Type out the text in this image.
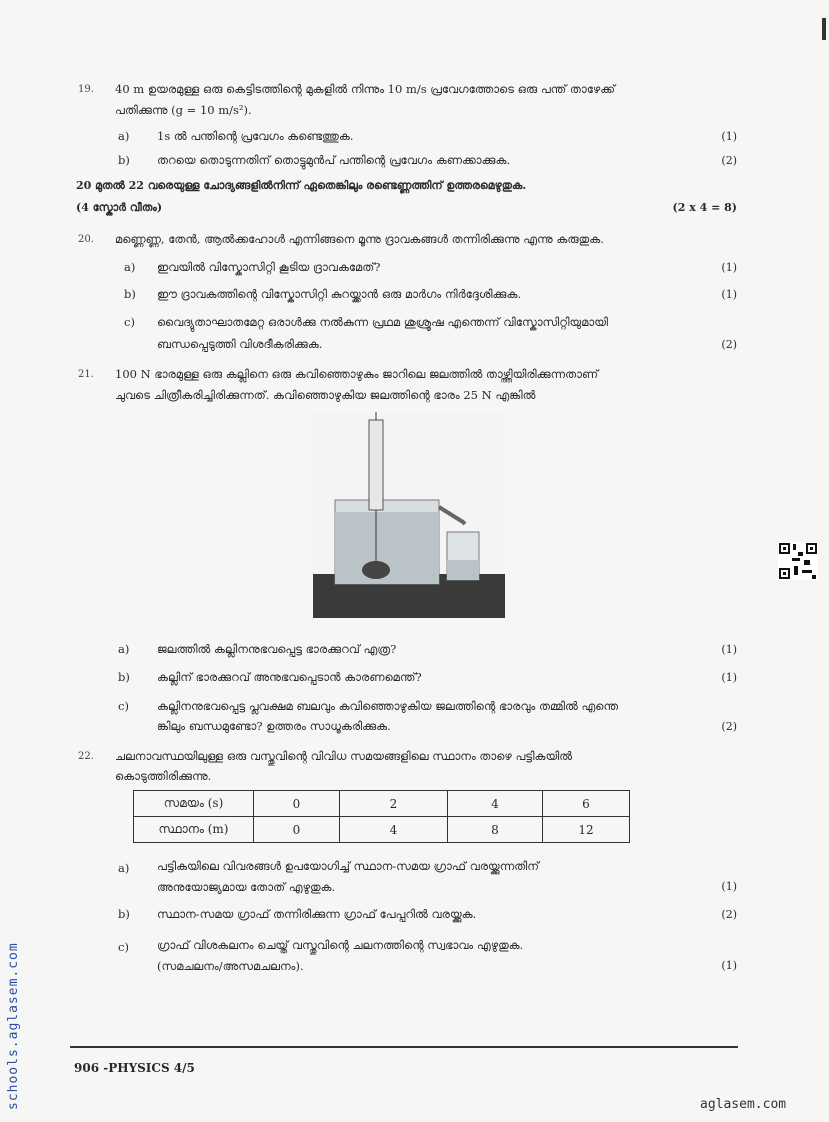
19. 40 m ഉയരമുള്ള ഒരു കെട്ടിടത്തിന്റെ മുകളിൽ നിന്നും 10 m/s പ്രവേഗത്തോടെ ഒരു പന്ത് താഴേക്ക്
പതിക്കുന്നു (g = 10 m/s²).
a) 1s ൽ പന്തിന്റെ പ്രവേഗം കണ്ടെത്തുക.	(1)
b) തറയെ തൊടുന്നതിന് തൊട്ടുമുൻപ് പന്തിന്റെ പ്രവേഗം കണക്കാക്കുക.	(2)
20 മുതൽ 22 വരെയുള്ള ചോദ്യങ്ങളിൽനിന്ന് ഏതെങ്കിലും രണ്ടെണ്ണത്തിന് ഉത്തരമെഴുതുക.
(4 സ്കോർ വീതം)	(2 x 4 = 8)
20. മണ്ണെണ്ണ, തേൻ, ആൽക്കഹോൾ എന്നിങ്ങനെ മൂന്നു ദ്രാവകങ്ങൾ തന്നിരിക്കുന്നു എന്നു കരുതുക.
a) ഇവയിൽ വിസ്കോസിറ്റി കൂടിയ ദ്രാവകമേത്?	(1)
b) ഈ ദ്രാവകത്തിന്റെ വിസ്കോസിറ്റി കുറയ്ക്കാൻ ഒരു മാർഗം നിർദ്ദേശിക്കുക.	(1)
c) വൈദ്യുതാഘാതമേറ്റ ഒരാൾക്കു നൽകുന്ന പ്രഥമ ശുശ്രൂഷ എന്തെന്ന് വിസ്കോസിറ്റിയുമായി
ബന്ധപ്പെടുത്തി വിശദീകരിക്കുക.	(2)
21. 100 N ഭാരമുള്ള ഒരു കല്ലിനെ ഒരു കവിഞ്ഞൊഴുകും ജാറിലെ ജലത്തിൽ താഴ്ത്തിയിരിക്കുന്നതാണ്
ചുവടെ ചിത്രീകരിച്ചിരിക്കുന്നത്. കവിഞ്ഞൊഴുകിയ ജലത്തിന്റെ ഭാരം 25 N എങ്കിൽ
a) ജലത്തിൽ കല്ലിനനുഭവപ്പെട്ട ഭാരക്കുറവ് എത്ര?	(1)
b) കല്ലിന് ഭാരക്കുറവ് അനുഭവപ്പെടാൻ കാരണമെന്ത്?	(1)
c) കല്ലിനനുഭവപ്പെട്ട പ്ലവക്ഷമ ബലവും കവിഞ്ഞൊഴുകിയ ജലത്തിന്റെ ഭാരവും തമ്മിൽ എന്തെ
ങ്കിലും ബന്ധമുണ്ടോ? ഉത്തരം സാധൂകരിക്കുക.	(2)
22. ചലനാവസ്ഥയിലുള്ള ഒരു വസ്തുവിന്റെ വിവിധ സമയങ്ങളിലെ സ്ഥാനം താഴെ പട്ടികയിൽ
കൊടുത്തിരിക്കുന്നു.
സമയം (s)	0	2	4	6
സ്ഥാനം (m)	0	4	8	12
a) പട്ടികയിലെ വിവരങ്ങൾ ഉപയോഗിച്ച് സ്ഥാന-സമയ ഗ്രാഫ് വരയ്ക്കുന്നതിന്
അനുയോജ്യമായ തോത് എഴുതുക.	(1)
b) സ്ഥാന-സമയ ഗ്രാഫ് തന്നിരിക്കുന്ന ഗ്രാഫ് പേപ്പറിൽ വരയ്ക്കുക.	(2)
c) ഗ്രാഫ് വിശകലനം ചെയ്ത് വസ്തുവിന്റെ ചലനത്തിന്റെ സ്വഭാവം എഴുതുക.
(സമചലനം/അസമചലനം).	(1)
906 -PHYSICS 4/5
schools.aglasem.com	aglasem.com
